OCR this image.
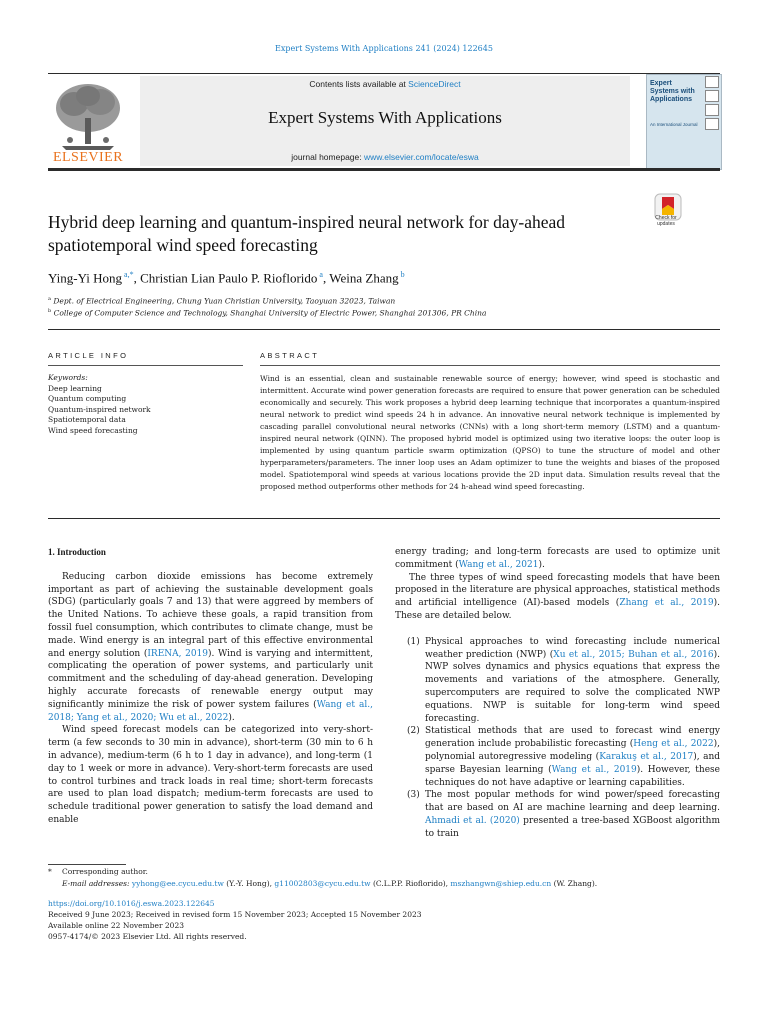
Expert Systems With Applications 241 (2024) 122645
ELSEVIER
Contents lists available at ScienceDirect
Expert Systems With Applications
journal homepage: www.elsevier.com/locate/eswa
Expert Systems with Applications
An International Journal
Hybrid deep learning and quantum-inspired neural network for day-ahead spatiotemporal wind speed forecasting
Check for updates
Ying-Yi Hong $^{a,*}$, Christian Lian Paulo P. Rioflorido $^a$, Weina Zhang $^b$
$^a$ Dept. of Electrical Engineering, Chung Yuan Christian University, Taoyuan 32023, Taiwan
$^b$ College of Computer Science and Technology, Shanghai University of Electric Power, Shanghai 201306, PR China
ARTICLE INFO	ABSTRACT
Keywords:
Deep learning
Quantum computing
Quantum-inspired network
Spatiotemporal data
Wind speed forecasting
Wind is an essential, clean and sustainable renewable source of energy; however, wind speed is stochastic and intermittent. Accurate wind power generation forecasts are required to ensure that power generation can be scheduled economically and securely. This work proposes a hybrid deep learning technique that incorporates a quantum-inspired neural network to predict wind speeds 24 h in advance. An innovative neural network technique is implemented by cascading parallel convolutional neural networks (CNNs) with a long short-term memory (LSTM) and a quantum-inspired neural network (QINN). The proposed hybrid model is optimized using two iterative loops: the outer loop is implemented by using quantum particle swarm optimization (QPSO) to tune the structure of model and other hyperparameters/parameters. The inner loop uses an Adam optimizer to tune the weights and biases of the proposed model. Spatiotemporal wind speeds at various locations provide the 2D input data. Simulation results reveal that the proposed method outperforms other methods for 24 h-ahead wind speed forecasting.

1. Introduction

Reducing carbon dioxide emissions has become extremely important as part of achieving the sustainable development goals (SDG) (particularly goals 7 and 13) that were aggreed by members of the United Nations. To achieve these goals, a rapid transition from fossil fuel consumption, which contributes to climate change, must be made. Wind energy is an integral part of this effective environmental and energy solution (IRENA, 2019). Wind is varying and intermittent, complicating the operation of power systems, and particularly unit commitment and the scheduling of day-ahead generation. Developing highly accurate forecasts of renewable energy output may significantly minimize the risk of power system failures (Wang et al., 2018; Yang et al., 2020; Wu et al., 2022).

Wind speed forecast models can be categorized into very-short-term (a few seconds to 30 min in advance), short-term (30 min to 6 h in advance), medium-term (6 h to 1 day in advance), and long-term (1 day to 1 week or more in advance). Very-short-term forecasts are used to control turbines and track loads in real time; short-term forecasts are used to plan load dispatch; medium-term forecasts are used to schedule traditional power generation to satisfy the load demand and enable

energy trading; and long-term forecasts are used to optimize unit commitment (Wang et al., 2021).

The three types of wind speed forecasting models that have been proposed in the literature are physical approaches, statistical methods and artificial intelligence (AI)-based models (Zhang et al., 2019). These are detailed below.

(1) Physical approaches to wind forecasting include numerical weather prediction (NWP) (Xu et al., 2015; Buhan et al., 2016). NWP solves dynamics and physics equations that express the movements and variations of the atmosphere. Generally, supercomputers are required to solve the complicated NWP equations. NWP is suitable for long-term wind speed forecasting.

(2) Statistical methods that are used to forecast wind energy generation include probabilistic forecasting (Heng et al., 2022), polynomial autoregressive modeling (Karakuş et al., 2017), and sparse Bayesian learning (Wang et al., 2019). However, these techniques do not have adaptive or learning capabilities.

(3) The most popular methods for wind power/speed forecasting that are based on AI are machine learning and deep learning. Ahmadi et al. (2020) presented a tree-based XGBoost algorithm to train

* Corresponding author.
E-mail addresses: yyhong@ee.cycu.edu.tw (Y.-Y. Hong), g11002803@cycu.edu.tw (C.L.P.P. Rioflorido), mszhangwn@shiep.edu.cn (W. Zhang).
https://doi.org/10.1016/j.eswa.2023.122645
Received 9 June 2023; Received in revised form 15 November 2023; Accepted 15 November 2023
Available online 22 November 2023
0957-4174/© 2023 Elsevier Ltd. All rights reserved.
